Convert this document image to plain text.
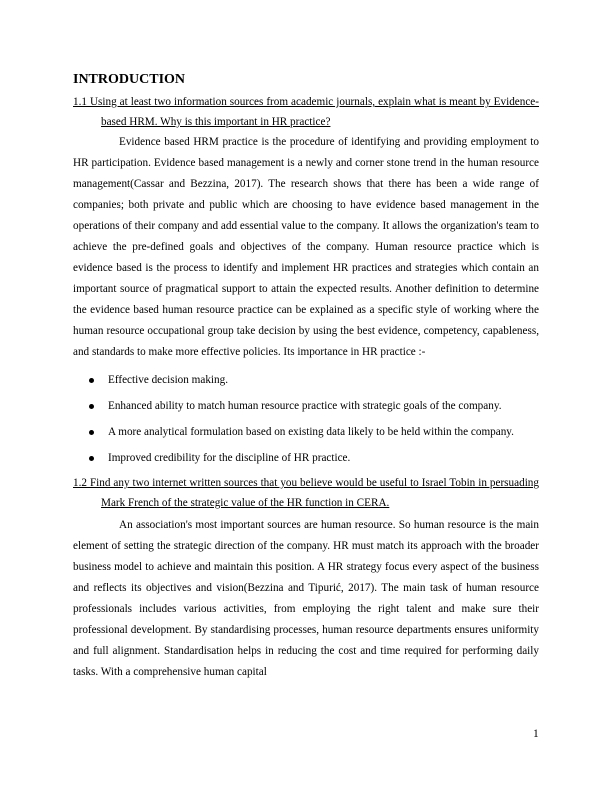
INTRODUCTION

1.1 Using at least two information sources from academic journals, explain what is meant by Evidence-based HRM. Why is this important in HR practice?

Evidence based HRM practice is the procedure of identifying and providing employment to HR participation. Evidence based management is a newly and corner stone trend in the human resource management(Cassar and Bezzina, 2017). The research shows that there has been a wide range of companies; both private and public which are choosing to have evidence based management in the operations of their company and add essential value to the company. It allows the organization's team to achieve the pre-defined goals and objectives of the company. Human resource practice which is evidence based is the process to identify and implement HR practices and strategies which contain an important source of pragmatical support to attain the expected results. Another definition to determine the evidence based human resource practice can be explained as a specific style of working where the human resource occupational group take decision by using the best evidence, competency, capableness, and standards to make more effective policies. Its importance in HR practice :-

Effective decision making.
Enhanced ability to match human resource practice with strategic goals of the company.
A more analytical formulation based on existing data likely to be held within the company.
Improved credibility for the discipline of HR practice.

1.2 Find any two internet written sources that you believe would be useful to Israel Tobin in persuading Mark French of the strategic value of the HR function in CERA.

An association's most important sources are human resource. So human resource is the main element of setting the strategic direction of the company. HR must match its approach with the broader business model to achieve and maintain this position. A HR strategy focus every aspect of the business and reflects its objectives and vision(Bezzina and Tipurić, 2017). The main task of human resource professionals includes various activities, from employing the right talent and make sure their professional development. By standardising processes, human resource departments ensures uniformity and full alignment. Standardisation helps in reducing the cost and time required for performing daily tasks. With a comprehensive human capital

1
